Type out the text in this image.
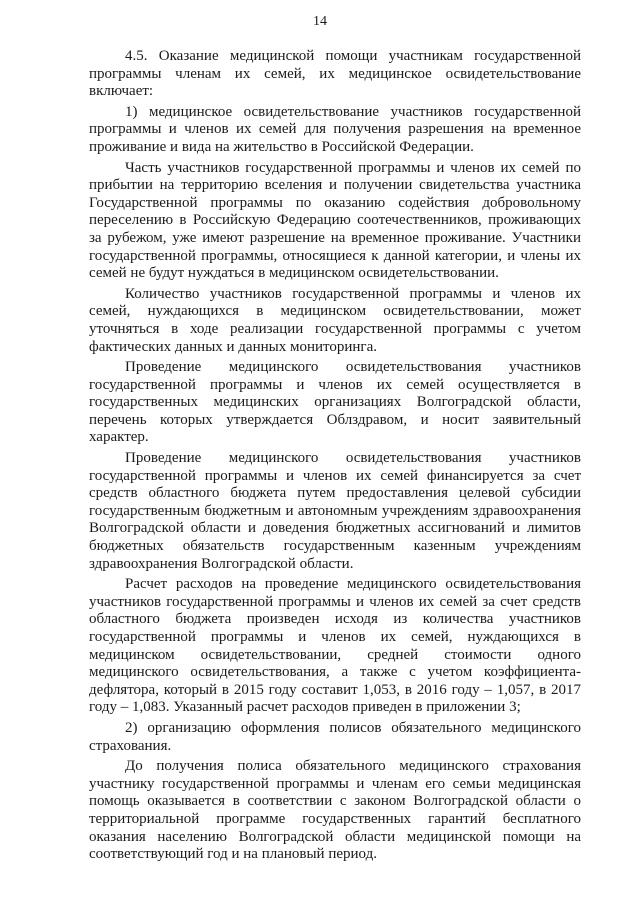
14

4.5. Оказание медицинской помощи участникам государственной программы членам их семей, их медицинское освидетельствование включает:

1) медицинское освидетельствование участников государственной программы и членов их семей для получения разрешения на временное проживание и вида на жительство в Российской Федерации.

Часть участников государственной программы и членов их семей по прибытии на территорию вселения и получении свидетельства участника Государственной программы по оказанию содействия добровольному переселению в Российскую Федерацию соотечественников, проживающих за рубежом, уже имеют разрешение на временное проживание. Участники государственной программы, относящиеся к данной категории, и члены их семей не будут нуждаться в медицинском освидетельствовании.

Количество участников государственной программы и членов их семей, нуждающихся в медицинском освидетельствовании, может уточняться в ходе реализации государственной программы с учетом фактических данных и данных мониторинга.

Проведение медицинского освидетельствования участников государственной программы и членов их семей осуществляется в государственных медицинских организациях Волгоградской области, перечень которых утверждается Облздравом, и носит заявительный характер.

Проведение медицинского освидетельствования участников государственной программы и членов их семей финансируется за счет средств областного бюджета путем предоставления целевой субсидии государственным бюджетным и автономным учреждениям здравоохранения Волгоградской области и доведения бюджетных ассигнований и лимитов бюджетных обязательств государственным казенным учреждениям здравоохранения Волгоградской области.

Расчет расходов на проведение медицинского освидетельствования участников государственной программы и членов их семей за счет средств областного бюджета произведен исходя из количества участников государственной программы и членов их семей, нуждающихся в медицинском освидетельствовании, средней стоимости одного медицинского освидетельствования, а также с учетом коэффициента-дефлятора, который в 2015 году составит 1,053, в 2016 году – 1,057, в 2017 году – 1,083. Указанный расчет расходов приведен в приложении 3;

2) организацию оформления полисов обязательного медицинского страхования.

До получения полиса обязательного медицинского страхования участнику государственной программы и членам его семьи медицинская помощь оказывается в соответствии с законом Волгоградской области о территориальной программе государственных гарантий бесплатного оказания населению Волгоградской области медицинской помощи на соответствующий год и на плановый период.
